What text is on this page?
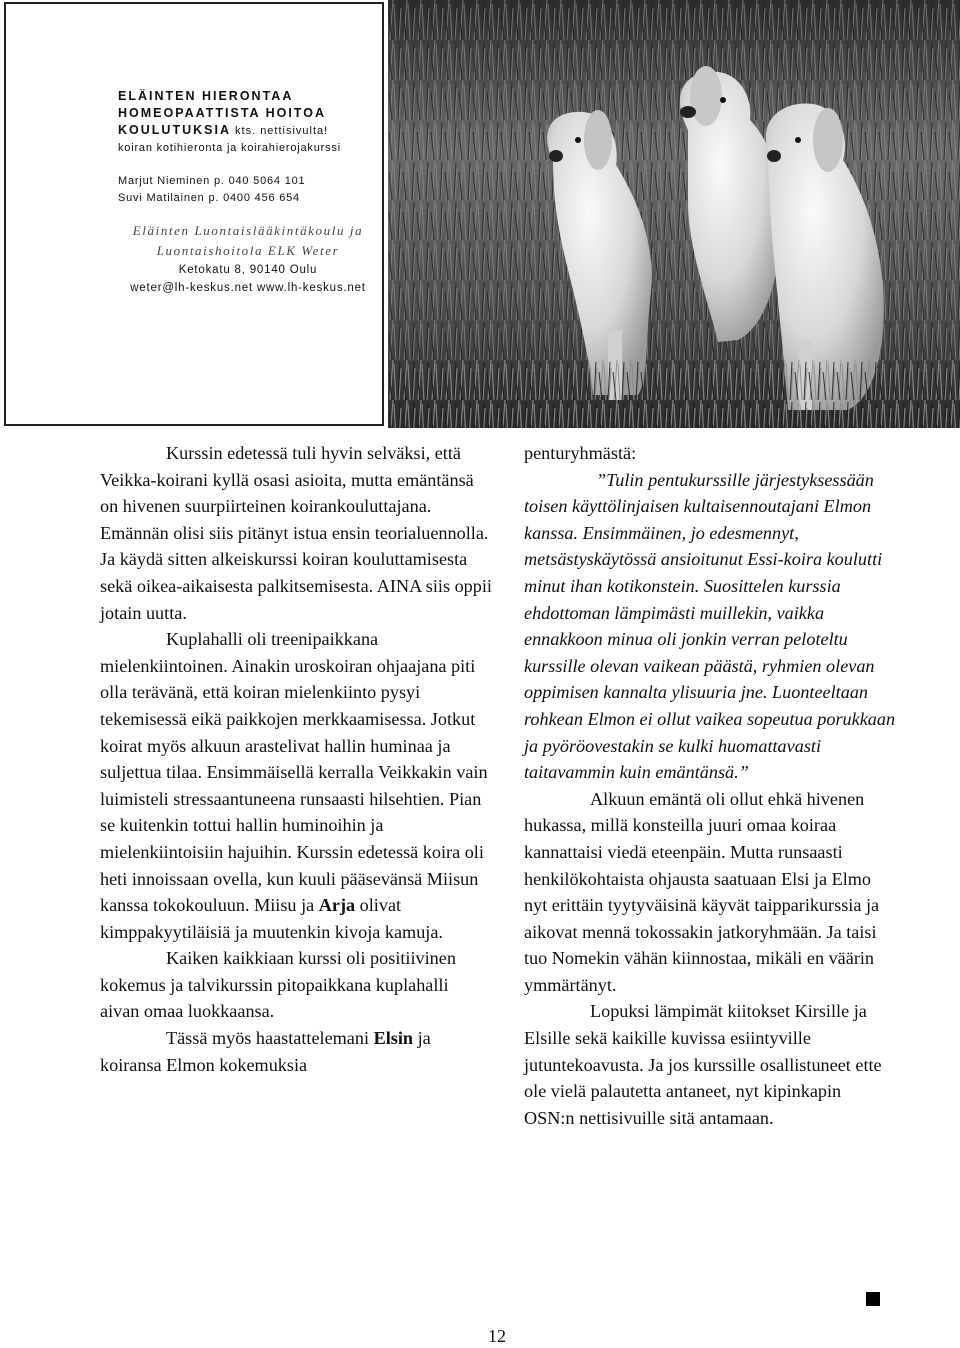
ELÄINTEN HIERONTAA

HOMEOPAATTISTA HOITOA

KOULUTUKSIA kts. nettisivulta!

koiran kotihieronta ja koirahierojakurssi

Marjut Nieminen p. 040 5064 101

Suvi Matilainen p. 0400 456 654

Eläinten Luontaislääkintäkoulu ja
Luontaishoitola ELK Weter

Ketokatu 8, 90140 Oulu

weter@lh-keskus.net www.lh-keskus.net

Kurssin edetessä tuli hyvin selväksi, että Veikka-koirani kyllä osasi asioita, mutta emäntänsä on hivenen suurpiirteinen koirankouluttajana. Emännän olisi siis pitänyt istua ensin teorialuennolla. Ja käydä sitten alkeiskurssi koiran kouluttamisesta sekä oikea-aikaisesta palkitsemisesta. AINA siis oppii jotain uutta.

Kuplahalli oli treenipaikkana mielenkiintoinen. Ainakin uroskoiran ohjaajana piti olla terävänä, että koiran mielenkiinto pysyi tekemisessä eikä paikkojen merkkaamisessa. Jotkut koirat myös alkuun arastelivat hallin huminaa ja suljettua tilaa. Ensimmäisellä kerralla Veikkakin vain luimisteli stressaantuneena runsaasti hilsehtien. Pian se kuitenkin tottui hallin huminoihin ja mielenkiintoisiin hajuihin. Kurssin edetessä koira oli heti innoissaan ovella, kun kuuli pääsevänsä Miisun kanssa tokokouluun. Miisu ja Arja olivat kimppakyytiläisiä ja muutenkin kivoja kamuja.

Kaiken kaikkiaan kurssi oli positiivinen kokemus ja talvikurssin pitopaikkana kuplahalli aivan omaa luokkaansa.

Tässä myös haastattelemani Elsin ja koiransa Elmon kokemuksia

penturyhmästä:

”Tulin pentukurssille järjestyksessään toisen käyttölinjaisen kultaisennoutajani Elmon kanssa. Ensimmäinen, jo edesmennyt, metsästyskäytössä ansioitunut Essi-koira koulutti minut ihan kotikonstein. Suosittelen kurssia ehdottoman lämpimästi muillekin, vaikka ennakkoon minua oli jonkin verran peloteltu kurssille olevan vaikean päästä, ryhmien olevan oppimisen kannalta ylisuuria jne. Luonteeltaan rohkean Elmon ei ollut vaikea sopeutua porukkaan ja pyöröovestakin se kulki huomattavasti taitavammin kuin emäntänsä.”

Alkuun emäntä oli ollut ehkä hivenen hukassa, millä konsteilla juuri omaa koiraa kannattaisi viedä eteenpäin. Mutta runsaasti henkilökohtaista ohjausta saatuaan Elsi ja Elmo nyt erittäin tyytyväisinä käyvät taipparikurssia ja aikovat mennä tokossakin jatkoryhmään. Ja taisi tuo Nomekin vähän kiinnostaa, mikäli en väärin ymmärtänyt.

Lopuksi lämpimät kiitokset Kirsille ja Elsille sekä kaikille kuvissa esiintyville jutuntekoavusta. Ja jos kurssille osallistuneet ette ole vielä palautetta antaneet, nyt kipinkapin OSN:n nettisivuille sitä antamaan.

12
